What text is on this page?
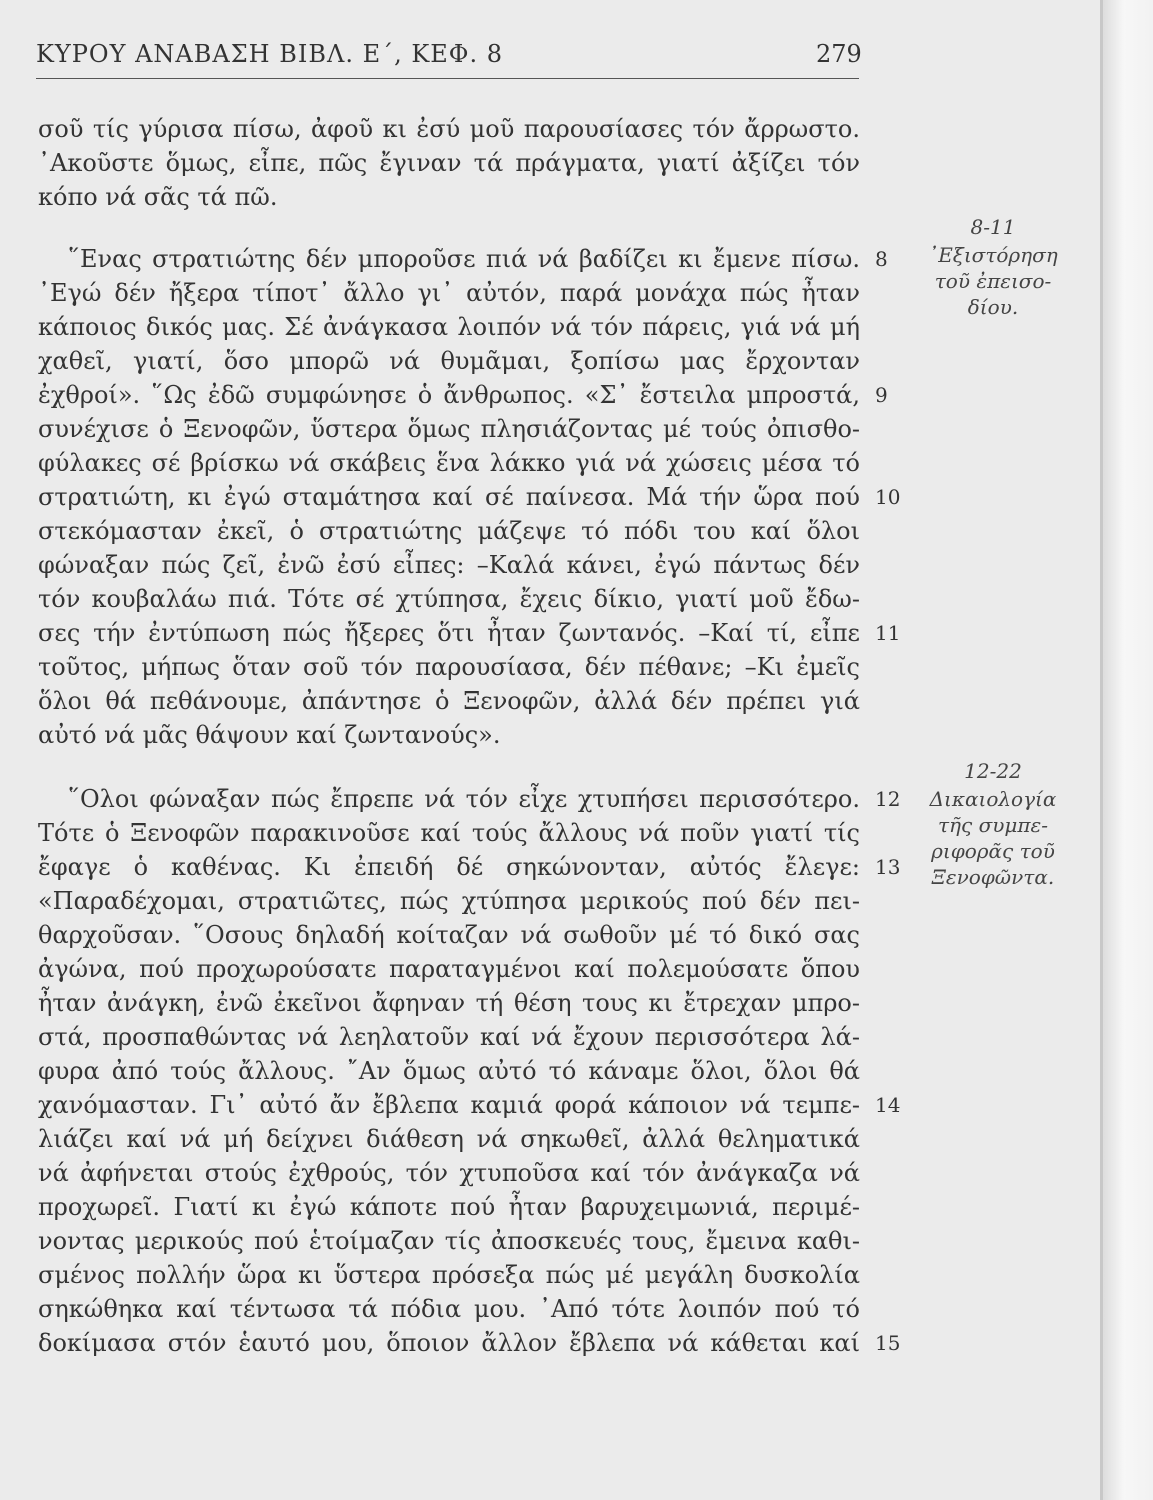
ΚΥΡΟΥ ΑΝΑΒΑΣΗ ΒΙΒΛ. Ε΄, ΚΕΦ. 8	279
σοῦ τίς γύρισα πίσω, ἀφοῦ κι ἐσύ μοῦ παρουσίασες τόν ἄρρωστο.
᾽Ακοῦστε ὅμως, εἶπε, πῶς ἔγιναν τά πράγματα, γιατί ἀξίζει τόν
κόπο νά σᾶς τά πῶ.
῞Ενας στρατιώτης δέν μποροῦσε πιά νά βαδίζει κι ἔμενε πίσω.
᾽Εγώ δέν ἤξερα τίποτ᾽ ἄλλο γι᾽ αὐτόν, παρά μονάχα πώς ἦταν
κάποιος δικός μας. Σέ ἀνάγκασα λοιπόν νά τόν πάρεις, γιά νά μή
χαθεῖ, γιατί, ὅσο μπορῶ νά θυμᾶμαι, ξοπίσω μας ἔρχονταν
ἐχθροί». ῞Ως ἐδῶ συμφώνησε ὁ ἄνθρωπος. «Σ᾽ ἔστειλα μπροστά,
συνέχισε ὁ Ξενοφῶν, ὕστερα ὅμως πλησιάζοντας μέ τούς ὀπισθο-
φύλακες σέ βρίσκω νά σκάβεις ἕνα λάκκο γιά νά χώσεις μέσα τό
στρατιώτη, κι ἐγώ σταμάτησα καί σέ παίνεσα. Μά τήν ὥρα πού
στεκόμασταν ἐκεῖ, ὁ στρατιώτης μάζεψε τό πόδι του καί ὅλοι
φώναξαν πώς ζεῖ, ἐνῶ ἐσύ εἶπες: –Καλά κάνει, ἐγώ πάντως δέν
τόν κουβαλάω πιά. Τότε σέ χτύπησα, ἔχεις δίκιο, γιατί μοῦ ἔδω-
σες τήν ἐντύπωση πώς ἤξερες ὅτι ἦταν ζωντανός. –Καί τί, εἶπε
τοῦτος, μήπως ὅταν σοῦ τόν παρουσίασα, δέν πέθανε; –Κι ἐμεῖς
ὅλοι θά πεθάνουμε, ἀπάντησε ὁ Ξενοφῶν, ἀλλά δέν πρέπει γιά
αὐτό νά μᾶς θάψουν καί ζωντανούς».
῞Ολοι φώναξαν πώς ἔπρεπε νά τόν εἶχε χτυπήσει περισσότερο.
Τότε ὁ Ξενοφῶν παρακινοῦσε καί τούς ἄλλους νά ποῦν γιατί τίς
ἔφαγε ὁ καθένας. Κι ἐπειδή δέ σηκώνονταν, αὐτός ἔλεγε:
«Παραδέχομαι, στρατιῶτες, πώς χτύπησα μερικούς πού δέν πει-
θαρχοῦσαν. ῞Οσους δηλαδή κοίταζαν νά σωθοῦν μέ τό δικό σας
ἀγώνα, πού προχωρούσατε παραταγμένοι καί πολεμούσατε ὅπου
ἦταν ἀνάγκη, ἐνῶ ἐκεῖνοι ἄφηναν τή θέση τους κι ἔτρεχαν μπρο-
στά, προσπαθώντας νά λεηλατοῦν καί νά ἔχουν περισσότερα λά-
φυρα ἀπό τούς ἄλλους. ῎Αν ὅμως αὐτό τό κάναμε ὅλοι, ὅλοι θά
χανόμασταν. Γι᾽ αὐτό ἄν ἔβλεπα καμιά φορά κάποιον νά τεμπε-
λιάζει καί νά μή δείχνει διάθεση νά σηκωθεῖ, ἀλλά θεληματικά
νά ἀφήνεται στούς ἐχθρούς, τόν χτυποῦσα καί τόν ἀνάγκαζα νά
προχωρεῖ. Γιατί κι ἐγώ κάποτε πού ἦταν βαρυχειμωνιά, περιμέ-
νοντας μερικούς πού ἑτοίμαζαν τίς ἀποσκευές τους, ἔμεινα καθι-
σμένος πολλήν ὥρα κι ὕστερα πρόσεξα πώς μέ μεγάλη δυσκολία
σηκώθηκα καί τέντωσα τά πόδια μου. ᾽Από τότε λοιπόν πού τό
δοκίμασα στόν ἑαυτό μου, ὅποιον ἄλλον ἔβλεπα νά κάθεται καί
8
9
10
11
12
13
14
15
8-11
᾽Εξιστόρηση
τοῦ ἐπεισο-
δίου.
12-22
Δικαιολογία
τῆς συμπε-
ριφορᾶς τοῦ
Ξενοφῶντα.
